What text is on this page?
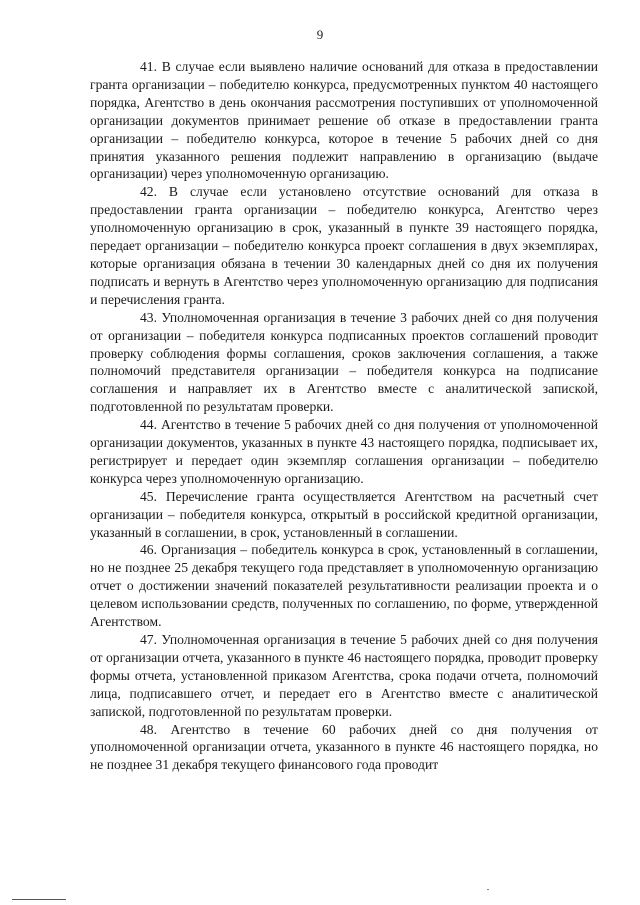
9

41. В случае если выявлено наличие оснований для отказа в предоставлении гранта организации – победителю конкурса, предусмотренных пунктом 40 настоящего порядка, Агентство в день окончания рассмотрения поступивших от уполномоченной организации документов принимает решение об отказе в предоставлении гранта организации – победителю конкурса, которое в течение 5 рабочих дней со дня принятия указанного решения подлежит направлению в организацию (выдаче организации) через уполномоченную организацию.

42. В случае если установлено отсутствие оснований для отказа в предоставлении гранта организации – победителю конкурса, Агентство через уполномоченную организацию в срок, указанный в пункте 39 настоящего порядка, передает организации – победителю конкурса проект соглашения в двух экземплярах, которые организация обязана в течении 30 календарных дней со дня их получения подписать и вернуть в Агентство через уполномоченную организацию для подписания и перечисления гранта.

43. Уполномоченная организация в течение 3 рабочих дней со дня получения от организации – победителя конкурса подписанных проектов соглашений проводит проверку соблюдения формы соглашения, сроков заключения соглашения, а также полномочий представителя организации – победителя конкурса на подписание соглашения и направляет их в Агентство вместе с аналитической запиской, подготовленной по результатам проверки.

44. Агентство в течение 5 рабочих дней со дня получения от уполномоченной организации документов, указанных в пункте 43 настоящего порядка, подписывает их, регистрирует и передает один экземпляр соглашения организации – победителю конкурса через уполномоченную организацию.

45. Перечисление гранта осуществляется Агентством на расчетный счет организации – победителя конкурса, открытый в российской кредитной организации, указанный в соглашении, в срок, установленный в соглашении.

46. Организация – победитель конкурса в срок, установленный в соглашении, но не позднее 25 декабря текущего года представляет в уполномоченную организацию отчет о достижении значений показателей результативности реализации проекта и о целевом использовании средств, полученных по соглашению, по форме, утвержденной Агентством.

47. Уполномоченная организация в течение 5 рабочих дней со дня получения от организации отчета, указанного в пункте 46 настоящего порядка, проводит проверку формы отчета, установленной приказом Агентства, срока подачи отчета, полномочий лица, подписавшего отчет, и передает его в Агентство вместе с аналитической запиской, подготовленной по результатам проверки.

48. Агентство в течение 60 рабочих дней со дня получения от уполномоченной организации отчета, указанного в пункте 46 настоящего порядка, но не позднее 31 декабря текущего финансового года проводит
